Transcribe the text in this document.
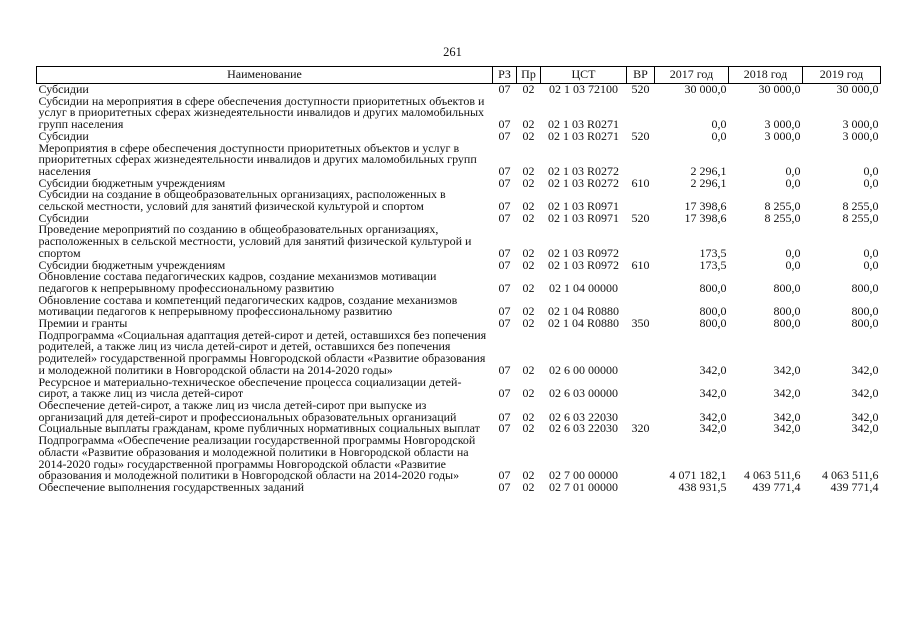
261
Наименование	РЗ	Пр	ЦСТ	ВР	2017 год	2018 год	2019 год
Субсидии	07	02	02 1 03 72100	520	30 000,0	30 000,0	30 000,0
Субсидии на мероприятия в сфере обеспечения доступности приоритетных объектов и услуг в приоритетных сферах жизнедеятельности инвалидов и других маломобильных групп населения	07	02	02 1 03 R0271		0,0	3 000,0	3 000,0
Субсидии	07	02	02 1 03 R0271	520	0,0	3 000,0	3 000,0
Мероприятия в сфере обеспечения доступности приоритетных объектов и услуг в приоритетных сферах жизнедеятельности инвалидов и других маломобильных групп населения	07	02	02 1 03 R0272		2 296,1	0,0	0,0
Субсидии бюджетным учреждениям	07	02	02 1 03 R0272	610	2 296,1	0,0	0,0
Субсидии на создание в общеобразовательных организациях, расположенных в сельской местности, условий для занятий физической культурой и спортом	07	02	02 1 03 R0971		17 398,6	8 255,0	8 255,0
Субсидии	07	02	02 1 03 R0971	520	17 398,6	8 255,0	8 255,0
Проведение мероприятий по созданию в общеобразовательных организациях, расположенных в сельской местности, условий для занятий физической культурой и спортом	07	02	02 1 03 R0972		173,5	0,0	0,0
Субсидии бюджетным учреждениям	07	02	02 1 03 R0972	610	173,5	0,0	0,0
Обновление состава педагогических кадров, создание механизмов мотивации педагогов к непрерывному профессиональному развитию	07	02	02 1 04 00000		800,0	800,0	800,0
Обновление состава и компетенций педагогических кадров, создание механизмов мотивации педагогов к непрерывному профессиональному развитию	07	02	02 1 04 R0880		800,0	800,0	800,0
Премии и гранты	07	02	02 1 04 R0880	350	800,0	800,0	800,0
Подпрограмма «Социальная адаптация детей-сирот и детей, оставшихся без попечения родителей, а также лиц из числа детей-сирот и детей, оставшихся без попечения родителей» государственной программы Новгородской области «Развитие образования и молодежной политики в Новгородской области на 2014-2020 годы»	07	02	02 6 00 00000		342,0	342,0	342,0
Ресурсное и материально-техническое обеспечение процесса социализации детей-сирот, а также лиц из числа детей-сирот	07	02	02 6 03 00000		342,0	342,0	342,0
Обеспечение детей-сирот, а также лиц из числа детей-сирот при выпуске из организаций для детей-сирот и профессиональных образовательных организаций	07	02	02 6 03 22030		342,0	342,0	342,0
Социальные выплаты гражданам, кроме публичных нормативных социальных выплат	07	02	02 6 03 22030	320	342,0	342,0	342,0
Подпрограмма «Обеспечение реализации государственной программы Новгородской области «Развитие образования и молодежной политики в Новгородской области на 2014-2020 годы» государственной программы Новгородской области «Развитие образования и молодежной политики в Новгородской области на 2014-2020 годы»	07	02	02 7 00 00000		4 071 182,1	4 063 511,6	4 063 511,6
Обеспечение выполнения государственных заданий	07	02	02 7 01 00000		438 931,5	439 771,4	439 771,4
